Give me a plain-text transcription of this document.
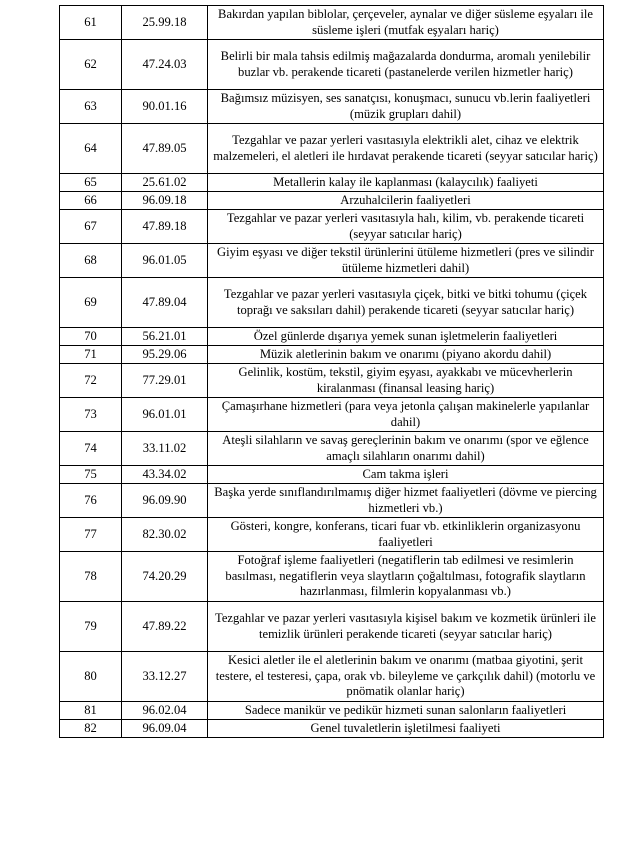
61	25.99.18	Bakırdan yapılan biblolar, çerçeveler, aynalar ve diğer süsleme eşyaları ile süsleme işleri (mutfak eşyaları hariç)
62	47.24.03	Belirli bir mala tahsis edilmiş mağazalarda dondurma, aromalı yenilebilir buzlar vb. perakende ticareti (pastanelerde verilen hizmetler hariç)
63	90.01.16	Bağımsız müzisyen, ses sanatçısı, konuşmacı, sunucu vb.lerin faaliyetleri (müzik grupları dahil)
64	47.89.05	Tezgahlar ve pazar yerleri vasıtasıyla elektrikli alet, cihaz ve elektrik malzemeleri, el aletleri ile hırdavat perakende ticareti (seyyar satıcılar hariç)
65	25.61.02	Metallerin kalay ile kaplanması (kalaycılık) faaliyeti
66	96.09.18	Arzuhalcilerin faaliyetleri
67	47.89.18	Tezgahlar ve pazar yerleri vasıtasıyla halı, kilim, vb. perakende ticareti (seyyar satıcılar hariç)
68	96.01.05	Giyim eşyası ve diğer tekstil ürünlerini ütüleme hizmetleri (pres ve silindir ütüleme hizmetleri dahil)
69	47.89.04	Tezgahlar ve pazar yerleri vasıtasıyla çiçek, bitki ve bitki tohumu (çiçek toprağı ve saksıları dahil) perakende ticareti (seyyar satıcılar hariç)
70	56.21.01	Özel günlerde dışarıya yemek sunan işletmelerin faaliyetleri
71	95.29.06	Müzik aletlerinin bakım ve onarımı (piyano akordu dahil)
72	77.29.01	Gelinlik, kostüm, tekstil, giyim eşyası, ayakkabı ve mücevherlerin kiralanması (finansal leasing hariç)
73	96.01.01	Çamaşırhane hizmetleri (para veya jetonla çalışan makinelerle yapılanlar dahil)
74	33.11.02	Ateşli silahların ve savaş gereçlerinin bakım ve onarımı (spor ve eğlence amaçlı silahların onarımı dahil)
75	43.34.02	Cam takma işleri
76	96.09.90	Başka yerde sınıflandırılmamış diğer hizmet faaliyetleri (dövme ve piercing hizmetleri vb.)
77	82.30.02	Gösteri, kongre, konferans, ticari fuar vb. etkinliklerin organizasyonu faaliyetleri
78	74.20.29	Fotoğraf işleme faaliyetleri (negatiflerin tab edilmesi ve resimlerin basılması, negatiflerin veya slaytların çoğaltılması, fotografik slaytların hazırlanması, filmlerin kopyalanması vb.)
79	47.89.22	Tezgahlar ve pazar yerleri vasıtasıyla kişisel bakım ve kozmetik ürünleri ile temizlik ürünleri perakende ticareti (seyyar satıcılar hariç)
80	33.12.27	Kesici aletler ile el aletlerinin bakım ve onarımı (matbaa giyotini, şerit testere, el testeresi, çapa, orak vb. bileyleme ve çarkçılık dahil) (motorlu ve pnömatik olanlar hariç)
81	96.02.04	Sadece manikür ve pedikür hizmeti sunan salonların faaliyetleri
82	96.09.04	Genel tuvaletlerin işletilmesi faaliyeti
